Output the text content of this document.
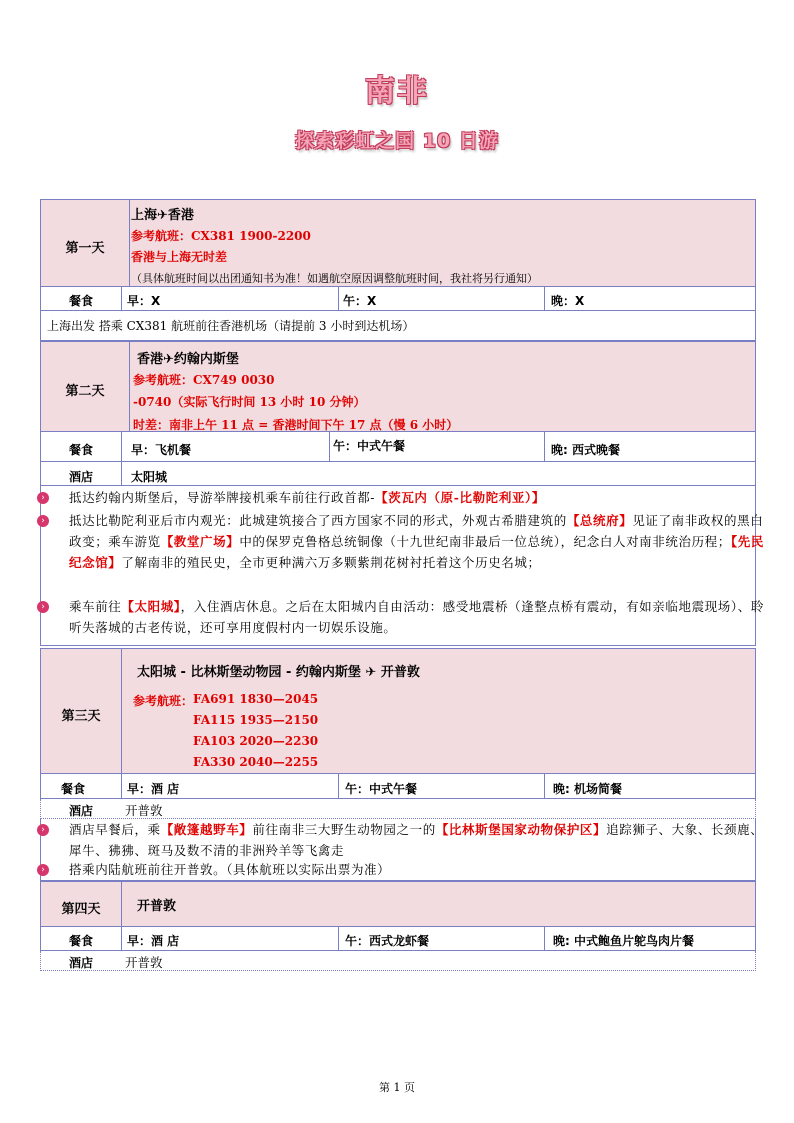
南非
探索彩虹之国 10 日游
第一天
上海✈香港
参考航班：CX381 1900-2200
香港与上海无时差
（具体航班时间以出团通知书为准！如遇航空原因调整航班时间，我社将另行通知）
餐食	早：X	午：X	晚：X
上海出发 搭乘 CX381 航班前往香港机场（请提前 3 小时到达机场）
第二天
香港✈约翰内斯堡
参考航班：CX749 0030
-0740（实际飞行时间 13 小时 10 分钟）
时差：南非上午 11 点 = 香港时间下午 17 点（慢 6 小时）
餐食	早：飞机餐	午：中式午餐	晚: 西式晚餐
酒店	太阳城
›	抵达约翰内斯堡后，导游举牌接机乘车前往行政首都-【茨瓦内（原-比勒陀利亚）】
›	抵达比勒陀利亚后市内观光：此城建筑接合了西方国家不同的形式，外观古希腊建筑的【总统府】见证了南非政权的黑白政变；乘车游览【教堂广场】中的保罗克鲁格总统铜像（十九世纪南非最后一位总统），纪念白人对南非统治历程；【先民纪念馆】了解南非的殖民史，全市更种满六万多颗紫荆花树衬托着这个历史名城；
›	乘车前往【太阳城】，入住酒店休息。之后在太阳城内自由活动：感受地震桥（逢整点桥有震动，有如亲临地震现场）、聆听失落城的古老传说，还可享用度假村内一切娱乐设施。
第三天
太阳城 - 比林斯堡动物园 - 约翰内斯堡 ✈ 开普敦
参考航班： FA691 1830—2045
FA115 1935—2150
FA103 2020—2230
FA330 2040—2255
餐食	早：酒 店	午：中式午餐	晚: 机场简餐
酒店	开普敦
›	酒店早餐后，乘【敞篷越野车】前往南非三大野生动物园之一的【比林斯堡国家动物保护区】追踪狮子、大象、长颈鹿、犀牛、狒狒、斑马及数不清的非洲羚羊等飞禽走
›	搭乘内陆航班前往开普敦。（具体航班以实际出票为准）
第四天	开普敦
餐食	早：酒 店	午：西式龙虾餐	晚: 中式鲍鱼片鸵鸟肉片餐
酒店	开普敦
第 1 页
